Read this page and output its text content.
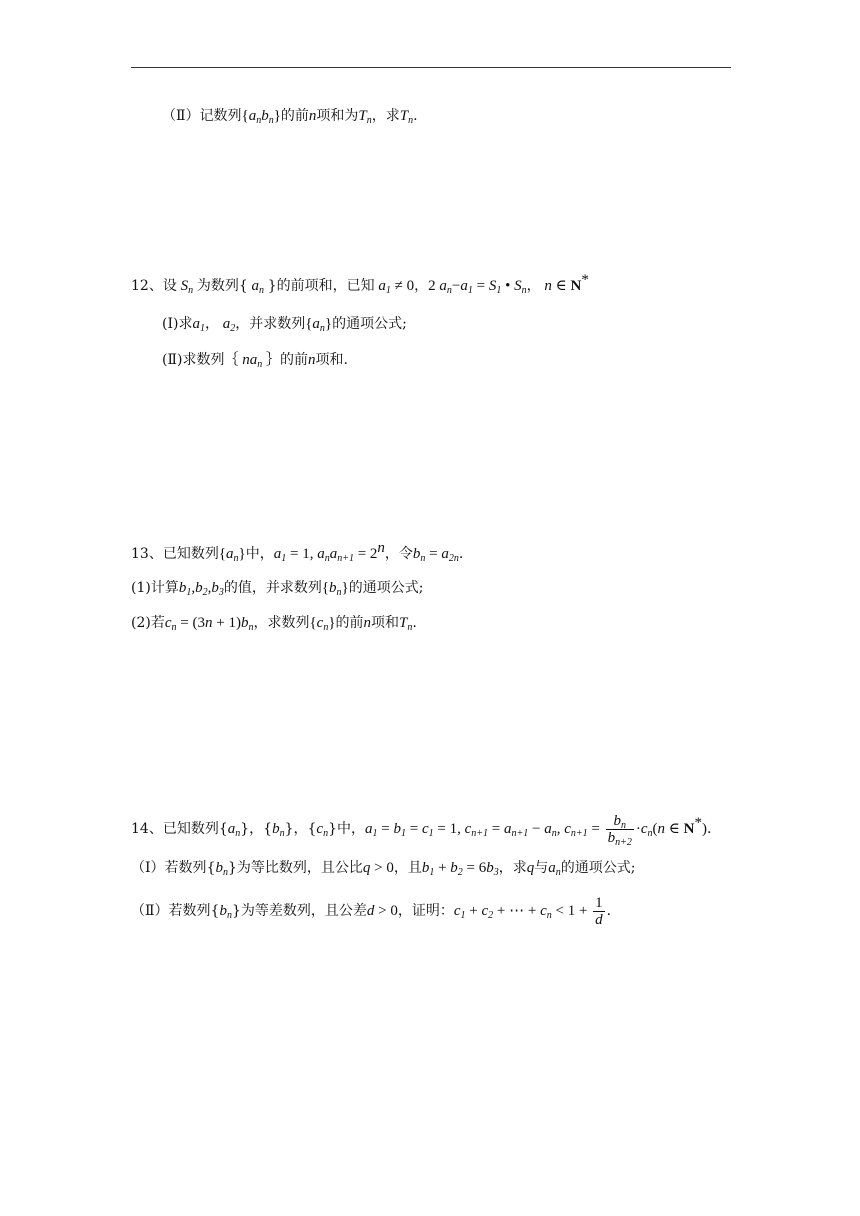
（Ⅱ）记数列$\{a_nb_n\}$的前n项和为$T_n$，求$T_n$.
12、设 $S_n$ 为数列{ $a_n$ }的前项和，已知 $a_1 \ne 0$，2 $a_n-a_1 = S_1$ • $S_n$， n ∈ N*
(Ⅰ)求$a_1$， $a_2$，并求数列$\{a_n\}$的通项公式;
(Ⅱ)求数列｛ $na_n$ ｝的前n项和.
13、已知数列$\{a_n\}$中，$a_1 = 1$, $a_na_{n+1} = 2^n$，令$b_n = a_{2n}$.
(1)计算$b_1,b_2,b_3$的值，并求数列$\{b_n\}$的通项公式;
(2)若$c_n = (3n + 1)b_n$，求数列$\{c_n\}$的前n项和$T_n$.
14、已知数列$\{a_n\}$，$\{b_n\}$，$\{c_n\}$中，$a_1 = b_1 = c_1 = 1$, $c_{n+1} = a_{n+1} - a_n$, $c_{n+1} = \frac{b_n}{b_{n+2}} \cdot c_n(n$ ∈ N*).
（Ⅰ）若数列$\{b_n\}$为等比数列，且公比q > 0，且$b_1 + b_2 = 6b_3$，求q与$a_n$的通项公式;
（Ⅱ）若数列$\{b_n\}$为等差数列，且公差d > 0，证明：$c_1 + c_2$ + ⋯ + $c_n < 1 + \frac{1}{d}$ .
